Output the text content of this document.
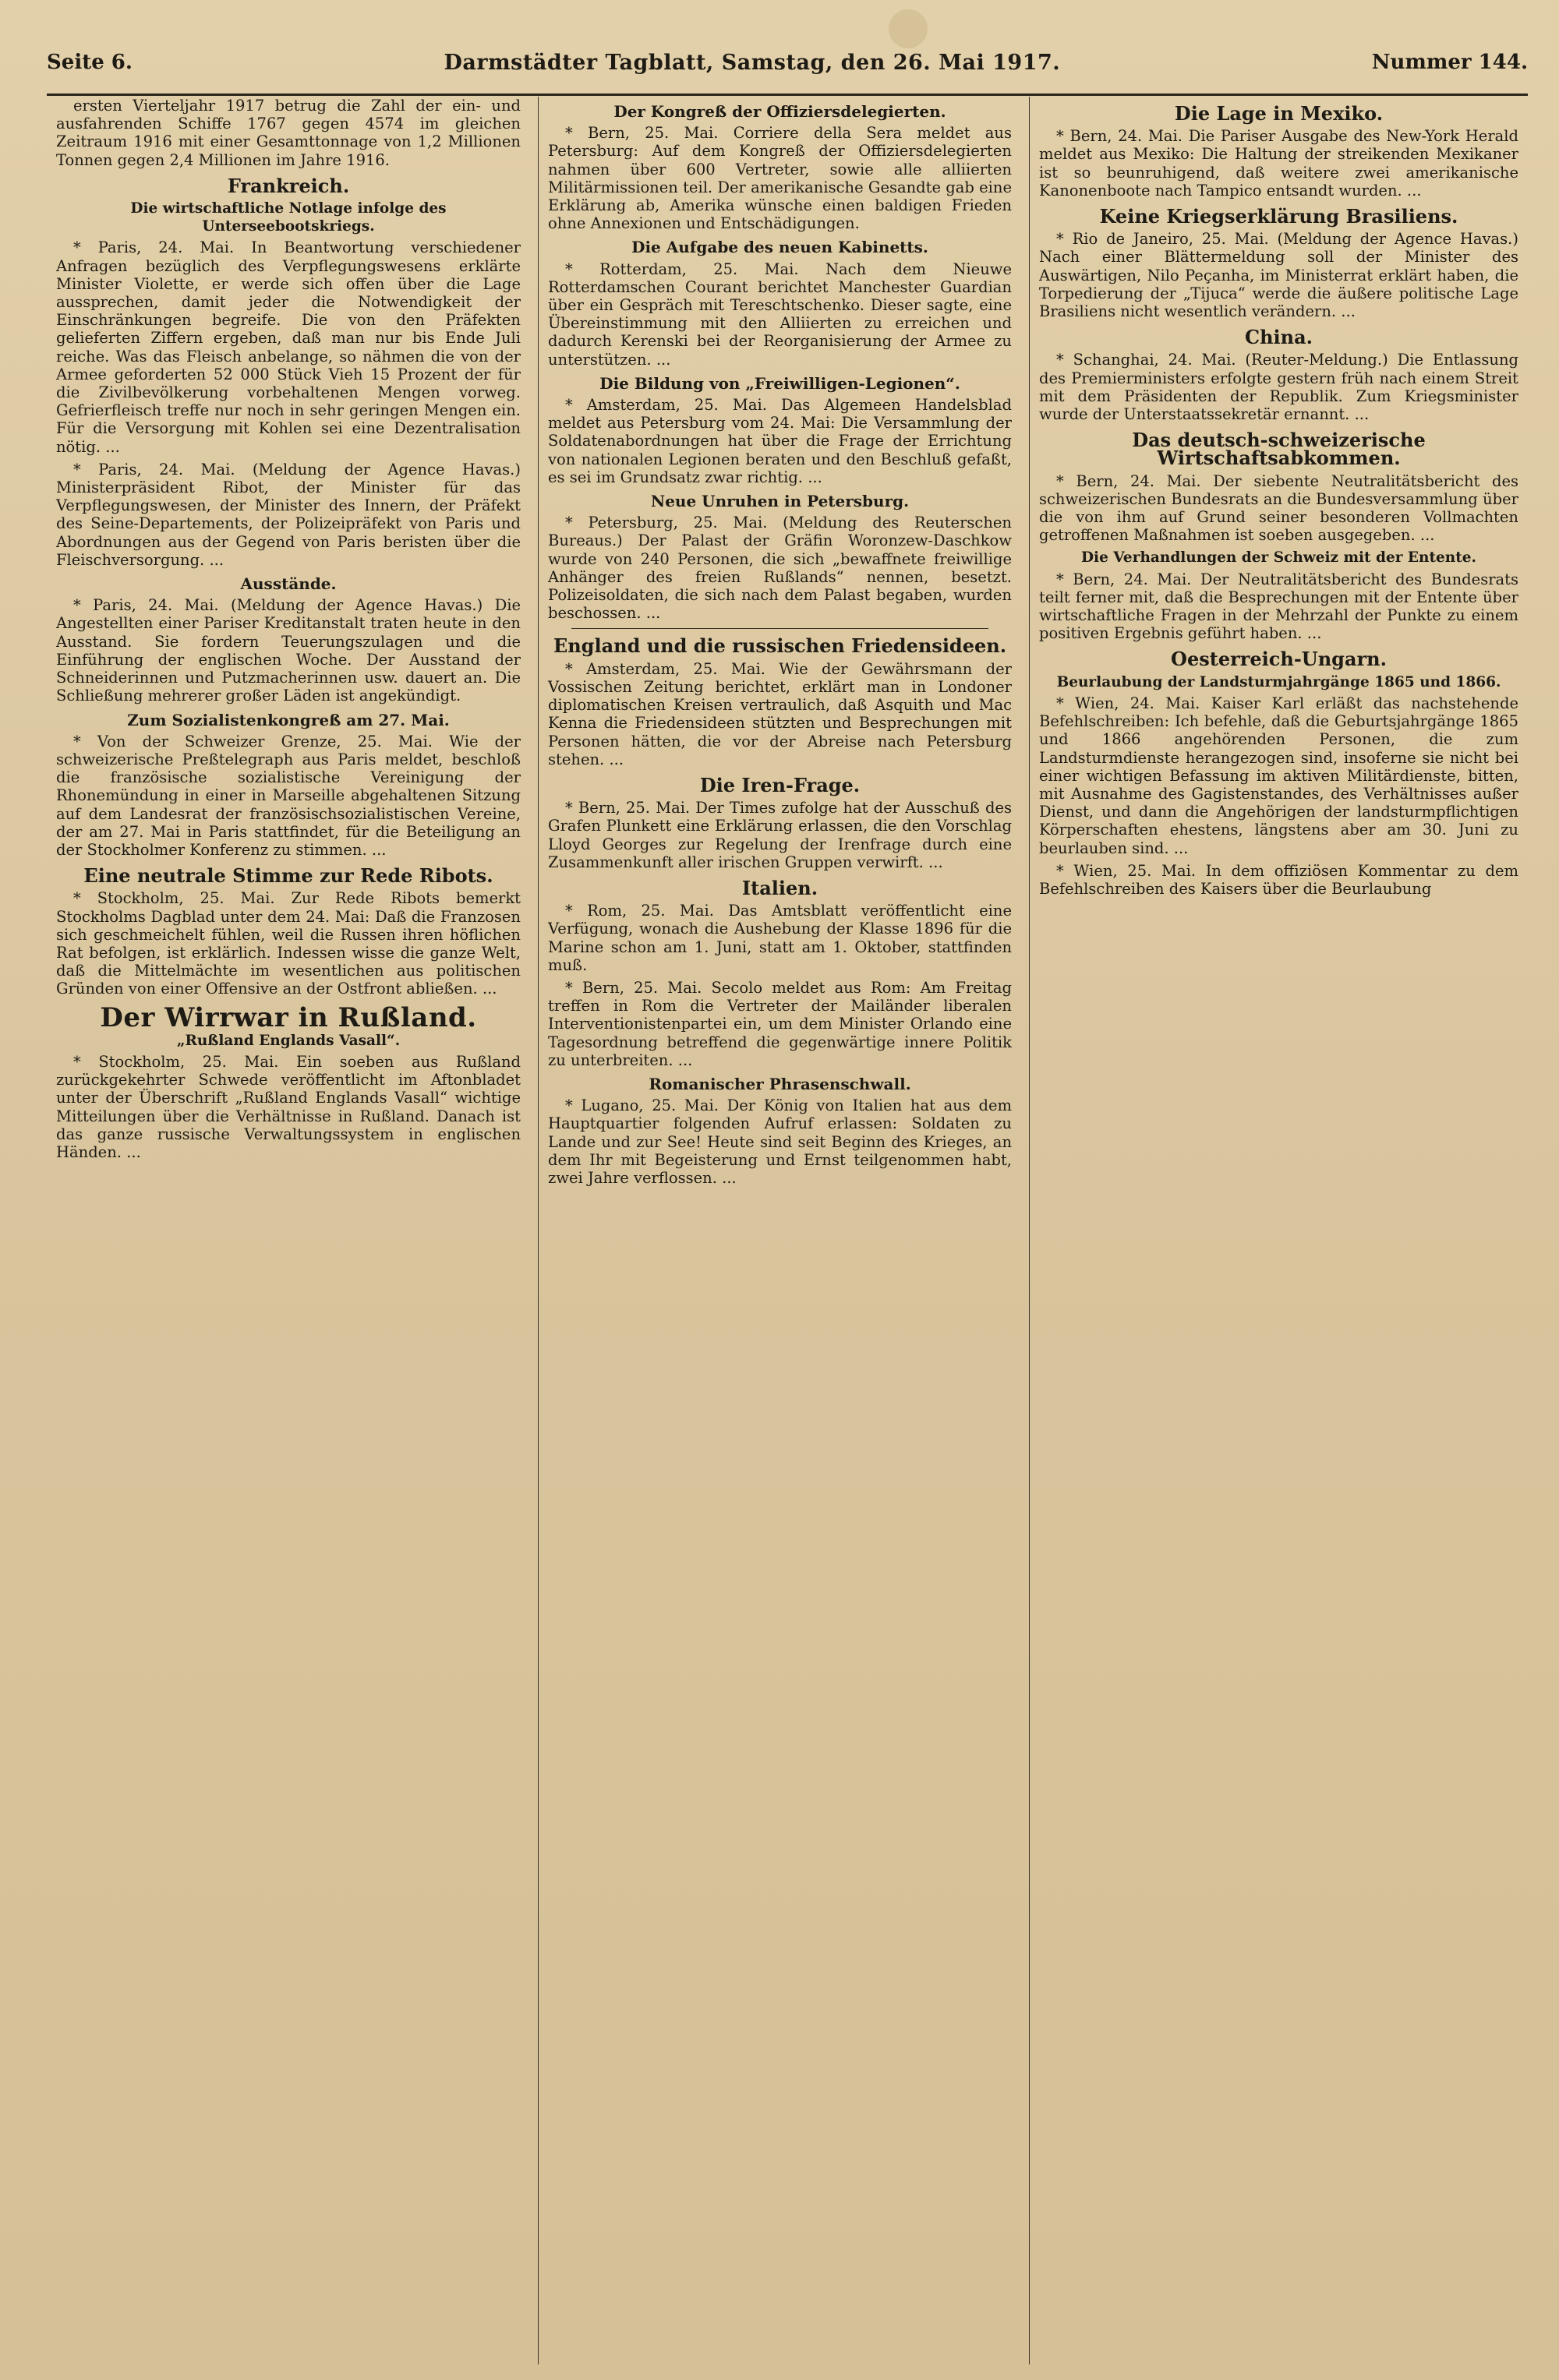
Seite 6.	Darmstädter Tagblatt, Samstag, den 26. Mai 1917.	Nummer 144.

ersten Vierteljahr 1917 betrug die Zahl der ein- und ausfahrenden Schiffe 1767 gegen 4574 im gleichen Zeitraum 1916 mit einer Gesamttonnage von 1,2 Millionen Tonnen gegen 2,4 Millionen im Jahre 1916.

Frankreich.
Die wirtschaftliche Notlage infolge des Unterseebootskriegs.

* Paris, 24. Mai. In Beantwortung verschiedener Anfragen bezüglich des Verpflegungswesens erklärte Minister Violette, er werde sich offen über die Lage aussprechen, damit jeder die Notwendigkeit der Einschränkungen begreife. Die von den Präfekten gelieferten Ziffern ergeben, daß man nur bis Ende Juli reiche. Was das Fleisch anbelange, so nähmen die von der Armee geforderten 52 000 Stück Vieh 15 Prozent der für die Zivilbevölkerung vorbehaltenen Mengen vorweg. Gefrierfleisch treffe nur noch in sehr geringen Mengen ein. Für die Versorgung mit Kohlen sei eine Dezentralisation nötig. ...

* Paris, 24. Mai. (Meldung der Agence Havas.) Ministerpräsident Ribot, der Minister für das Verpflegungswesen, der Minister des Innern, der Präfekt des Seine-Departements, der Polizeipräfekt von Paris und Abordnungen aus der Gegend von Paris beristen über die Fleischversorgung. ...

Ausstände.

* Paris, 24. Mai. (Meldung der Agence Havas.) Die Angestellten einer Pariser Kreditanstalt traten heute in den Ausstand. Sie fordern Teuerungszulagen und die Einführung der englischen Woche. Der Ausstand der Schneiderinnen und Putzmacherinnen usw. dauert an. Die Schließung mehrerer großer Läden ist angekündigt.

Zum Sozialistenkongreß am 27. Mai.

* Von der Schweizer Grenze, 25. Mai. Wie der schweizerische Preßtelegraph aus Paris meldet, beschloß die französische sozialistische Vereinigung der Rhonemündung in einer in Marseille abgehaltenen Sitzung auf dem Landesrat der französischsozialistischen Vereine, der am 27. Mai in Paris stattfindet, für die Beteiligung an der Stockholmer Konferenz zu stimmen. ...

Eine neutrale Stimme zur Rede Ribots.

* Stockholm, 25. Mai. Zur Rede Ribots bemerkt Stockholms Dagblad unter dem 24. Mai: Daß die Franzosen sich geschmeichelt fühlen, weil die Russen ihren höflichen Rat befolgen, ist erklärlich. Indessen wisse die ganze Welt, daß die Mittelmächte im wesentlichen aus politischen Gründen von einer Offensive an der Ostfront abließen. ...

Der Wirrwar in Rußland.
„Rußland Englands Vasall“.

* Stockholm, 25. Mai. Ein soeben aus Rußland zurückgekehrter Schwede veröffentlicht im Aftonbladet unter der Überschrift „Rußland Englands Vasall“ wichtige Mitteilungen über die Verhältnisse in Rußland. Danach ist das ganze russische Verwaltungssystem in englischen Händen. ...

Der Kongreß der Offiziersdelegierten.

* Bern, 25. Mai. Corriere della Sera meldet aus Petersburg: Auf dem Kongreß der Offiziersdelegierten nahmen über 600 Vertreter, sowie alle alliierten Militärmissionen teil. Der amerikanische Gesandte gab eine Erklärung ab, Amerika wünsche einen baldigen Frieden ohne Annexionen und Entschädigungen.

Die Aufgabe des neuen Kabinetts.

* Rotterdam, 25. Mai. Nach dem Nieuwe Rotterdamschen Courant berichtet Manchester Guardian über ein Gespräch mit Tereschtschenko. Dieser sagte, eine Übereinstimmung mit den Alliierten zu erreichen und dadurch Kerenski bei der Reorganisierung der Armee zu unterstützen. ...

Die Bildung von „Freiwilligen-Legionen“.

* Amsterdam, 25. Mai. Das Algemeen Handelsblad meldet aus Petersburg vom 24. Mai: Die Versammlung der Soldatenabordnungen hat über die Frage der Errichtung von nationalen Legionen beraten und den Beschluß gefaßt, es sei im Grundsatz zwar richtig. ...

Neue Unruhen in Petersburg.

* Petersburg, 25. Mai. (Meldung des Reuterschen Bureaus.) Der Palast der Gräfin Woronzew-Daschkow wurde von 240 Personen, die sich „bewaffnete freiwillige Anhänger des freien Rußlands“ nennen, besetzt. Polizeisoldaten, die sich nach dem Palast begaben, wurden beschossen. ...

England und die russischen Friedensideen.

* Amsterdam, 25. Mai. Wie der Gewährsmann der Vossischen Zeitung berichtet, erklärt man in Londoner diplomatischen Kreisen vertraulich, daß Asquith und Mac Kenna die Friedensideen stützten und Besprechungen mit Personen hätten, die vor der Abreise nach Petersburg stehen. ...

Die Iren-Frage.

* Bern, 25. Mai. Der Times zufolge hat der Ausschuß des Grafen Plunkett eine Erklärung erlassen, die den Vorschlag Lloyd Georges zur Regelung der Irenfrage durch eine Zusammenkunft aller irischen Gruppen verwirft. ...

Italien.

* Rom, 25. Mai. Das Amtsblatt veröffentlicht eine Verfügung, wonach die Aushebung der Klasse 1896 für die Marine schon am 1. Juni, statt am 1. Oktober, stattfinden muß.

* Bern, 25. Mai. Secolo meldet aus Rom: Am Freitag treffen in Rom die Vertreter der Mailänder liberalen Interventionistenpartei ein, um dem Minister Orlando eine Tagesordnung betreffend die gegenwärtige innere Politik zu unterbreiten. ...

Romanischer Phrasenschwall.

* Lugano, 25. Mai. Der König von Italien hat aus dem Hauptquartier folgenden Aufruf erlassen: Soldaten zu Lande und zur See! Heute sind seit Beginn des Krieges, an dem Ihr mit Begeisterung und Ernst teilgenommen habt, zwei Jahre verflossen. ...

Die Lage in Mexiko.

* Bern, 24. Mai. Die Pariser Ausgabe des New-York Herald meldet aus Mexiko: Die Haltung der streikenden Mexikaner ist so beunruhigend, daß weitere zwei amerikanische Kanonenboote nach Tampico entsandt wurden. ...

Keine Kriegserklärung Brasiliens.

* Rio de Janeiro, 25. Mai. (Meldung der Agence Havas.) Nach einer Blättermeldung soll der Minister des Auswärtigen, Nilo Peçanha, im Ministerrat erklärt haben, die Torpedierung der „Tijuca“ werde die äußere politische Lage Brasiliens nicht wesentlich verändern. ...

China.

* Schanghai, 24. Mai. (Reuter-Meldung.) Die Entlassung des Premierministers erfolgte gestern früh nach einem Streit mit dem Präsidenten der Republik. Zum Kriegsminister wurde der Unterstaatssekretär ernannt. ...

Das deutsch-schweizerische Wirtschaftsabkommen.

* Bern, 24. Mai. Der siebente Neutralitätsbericht des schweizerischen Bundesrats an die Bundesversammlung über die von ihm auf Grund seiner besonderen Vollmachten getroffenen Maßnahmen ist soeben ausgegeben. ...

Die Verhandlungen der Schweiz mit der Entente.

* Bern, 24. Mai. Der Neutralitätsbericht des Bundesrats teilt ferner mit, daß die Besprechungen mit der Entente über wirtschaftliche Fragen in der Mehrzahl der Punkte zu einem positiven Ergebnis geführt haben. ...

Oesterreich-Ungarn.
Beurlaubung der Landsturmjahrgänge 1865 und 1866.

* Wien, 24. Mai. Kaiser Karl erläßt das nachstehende Befehlschreiben: Ich befehle, daß die Geburtsjahrgänge 1865 und 1866 angehörenden Personen, die zum Landsturmdienste herangezogen sind, insoferne sie nicht bei einer wichtigen Befassung im aktiven Militärdienste, bitten, mit Ausnahme des Gagistenstandes, des Verhältnisses außer Dienst, und dann die Angehörigen der landsturmpflichtigen Körperschaften ehestens, längstens aber am 30. Juni zu beurlauben sind. ...

* Wien, 25. Mai. In dem offiziösen Kommentar zu dem Befehlschreiben des Kaisers über die Beurlaubung
